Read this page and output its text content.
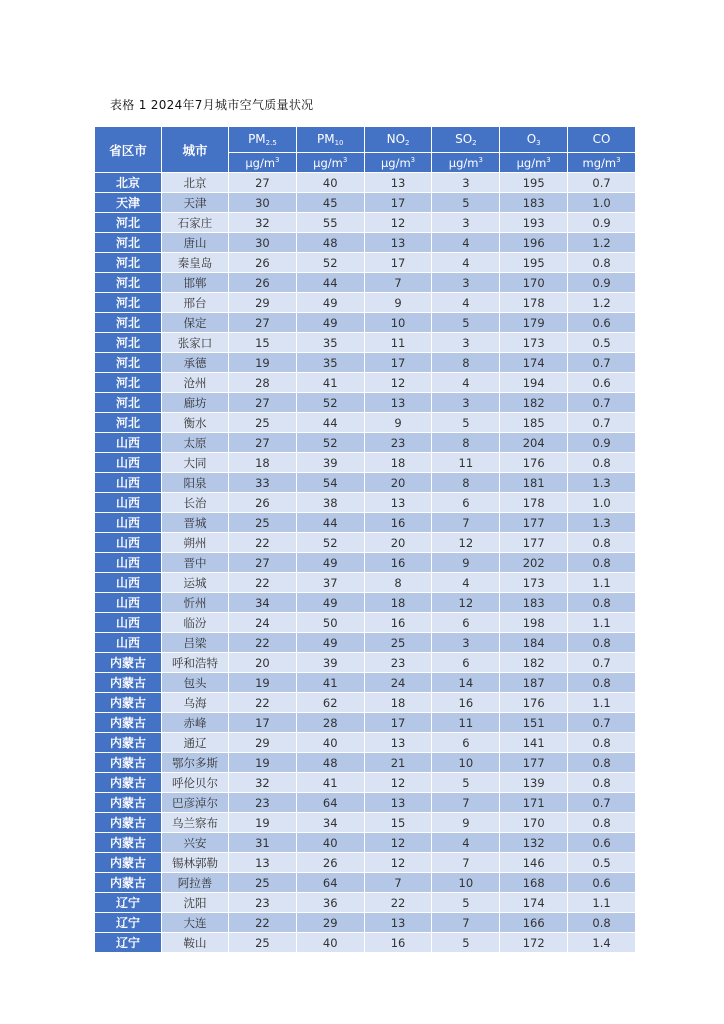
表格 1 2024年7月城市空气质量状况
省区市	城市	$PM_{2.5}$	$PM_{10}$	$NO_2$	$SO_2$	$O_3$	CO
		$\mu g/m^3$	$\mu g/m^3$	$\mu g/m^3$	$\mu g/m^3$	$\mu g/m^3$	$mg/m^3$
北京	北京	27	40	13	3	195	0.7
天津	天津	30	45	17	5	183	1.0
河北	石家庄	32	55	12	3	193	0.9
河北	唐山	30	48	13	4	196	1.2
河北	秦皇岛	26	52	17	4	195	0.8
河北	邯郸	26	44	7	3	170	0.9
河北	邢台	29	49	9	4	178	1.2
河北	保定	27	49	10	5	179	0.6
河北	张家口	15	35	11	3	173	0.5
河北	承德	19	35	17	8	174	0.7
河北	沧州	28	41	12	4	194	0.6
河北	廊坊	27	52	13	3	182	0.7
河北	衡水	25	44	9	5	185	0.7
山西	太原	27	52	23	8	204	0.9
山西	大同	18	39	18	11	176	0.8
山西	阳泉	33	54	20	8	181	1.3
山西	长治	26	38	13	6	178	1.0
山西	晋城	25	44	16	7	177	1.3
山西	朔州	22	52	20	12	177	0.8
山西	晋中	27	49	16	9	202	0.8
山西	运城	22	37	8	4	173	1.1
山西	忻州	34	49	18	12	183	0.8
山西	临汾	24	50	16	6	198	1.1
山西	吕梁	22	49	25	3	184	0.8
内蒙古	呼和浩特	20	39	23	6	182	0.7
内蒙古	包头	19	41	24	14	187	0.8
内蒙古	乌海	22	62	18	16	176	1.1
内蒙古	赤峰	17	28	17	11	151	0.7
内蒙古	通辽	29	40	13	6	141	0.8
内蒙古	鄂尔多斯	19	48	21	10	177	0.8
内蒙古	呼伦贝尔	32	41	12	5	139	0.8
内蒙古	巴彦淖尔	23	64	13	7	171	0.7
内蒙古	乌兰察布	19	34	15	9	170	0.8
内蒙古	兴安	31	40	12	4	132	0.6
内蒙古	锡林郭勒	13	26	12	7	146	0.5
内蒙古	阿拉善	25	64	7	10	168	0.6
辽宁	沈阳	23	36	22	5	174	1.1
辽宁	大连	22	29	13	7	166	0.8
辽宁	鞍山	25	40	16	5	172	1.4
